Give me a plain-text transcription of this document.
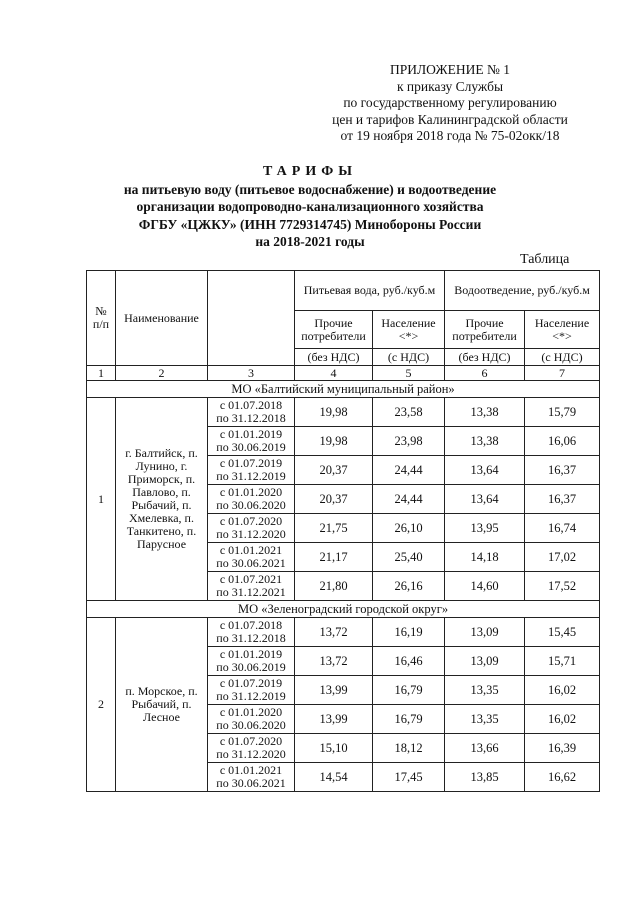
ПРИЛОЖЕНИЕ № 1
к приказу Службы
по государственному регулированию
цен и тарифов Калининградской области
от 19 ноября 2018 года № 75-02окк/18
ТАРИФЫ
на питьевую воду (питьевое водоснабжение) и водоотведение
организации водопроводно-канализационного хозяйства
ФГБУ «ЦЖКУ» (ИНН 7729314745) Минобороны России
на 2018-2021 годы
Таблица
№ п/п	Наименование		Питьевая вода, руб./куб.м		Водоотведение, руб./куб.м	
			Прочие потребители	Население <*>	Прочие потребители	Население <*>
			(без НДС)	(с НДС)	(без НДС)	(с НДС)
1	2	3	4	5	6	7
МО «Балтийский муниципальный район»						
1	г. Балтийск, п. Лунино, г. Приморск, п. Павлово, п. Рыбачий, п. Хмелевка, п. Танкитено, п. Парусное	с 01.07.2018
по 31.12.2018	19,98	23,58	13,38	15,79

		с 01.01.2019
по 30.06.2019	19,98	23,98	13,38	16,06

		с 01.07.2019
по 31.12.2019	20,37	24,44	13,64	16,37

		с 01.01.2020
по 30.06.2020	20,37	24,44	13,64	16,37

		с 01.07.2020
по 31.12.2020	21,75	26,10	13,95	16,74

		с 01.01.2021
по 30.06.2021	21,17	25,40	14,18	17,02

		с 01.07.2021
по 31.12.2021	21,80	26,16	14,60	17,52
МО «Зеленоградский городской округ»						
2	п. Морское, п. Рыбачий, п. Лесное	с 01.07.2018
по 31.12.2018	13,72	16,19	13,09	15,45

		с 01.01.2019
по 30.06.2019	13,72	16,46	13,09	15,71

		с 01.07.2019
по 31.12.2019	13,99	16,79	13,35	16,02

		с 01.01.2020
по 30.06.2020	13,99	16,79	13,35	16,02

		с 01.07.2020
по 31.12.2020	15,10	18,12	13,66	16,39

		с 01.01.2021
по 30.06.2021	14,54	17,45	13,85	16,62
